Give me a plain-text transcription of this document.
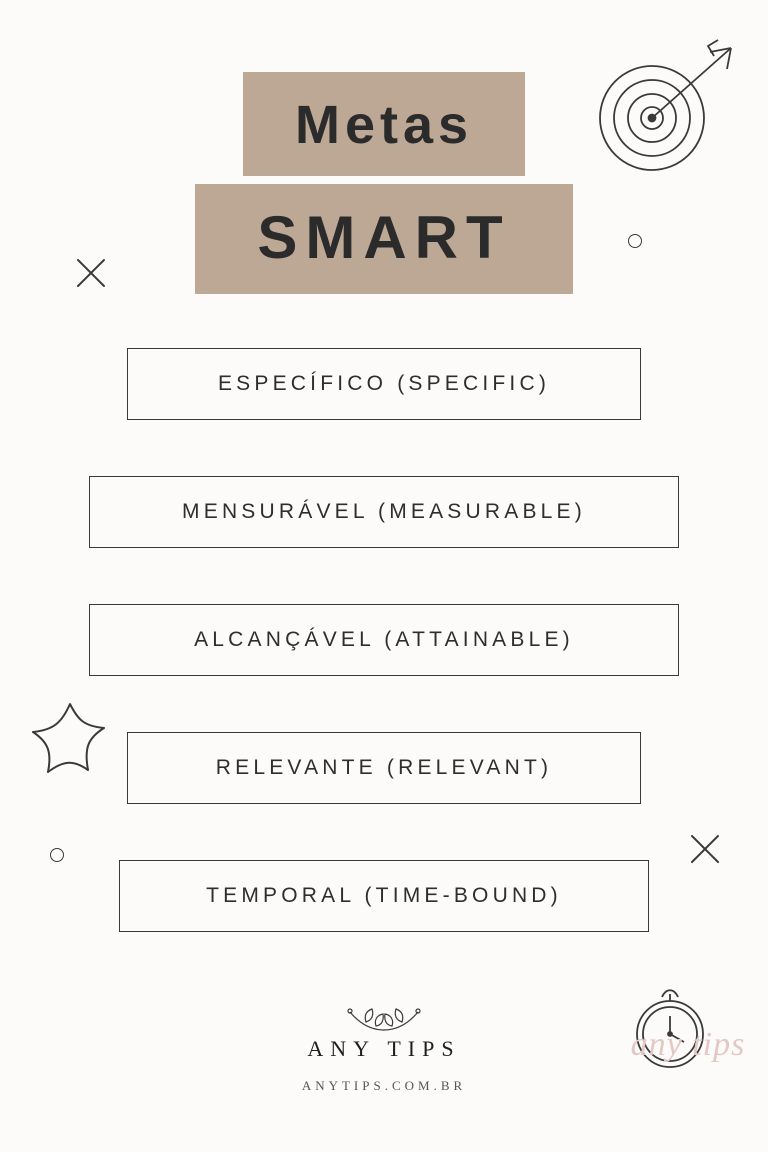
Metas
SMART
ESPECÍFICO (SPECIFIC)
MENSURÁVEL (MEASURABLE)
ALCANÇÁVEL (ATTAINABLE)
RELEVANTE (RELEVANT)
TEMPORAL (TIME-BOUND)
any tips
ANY TIPS
ANYTIPS.COM.BR
